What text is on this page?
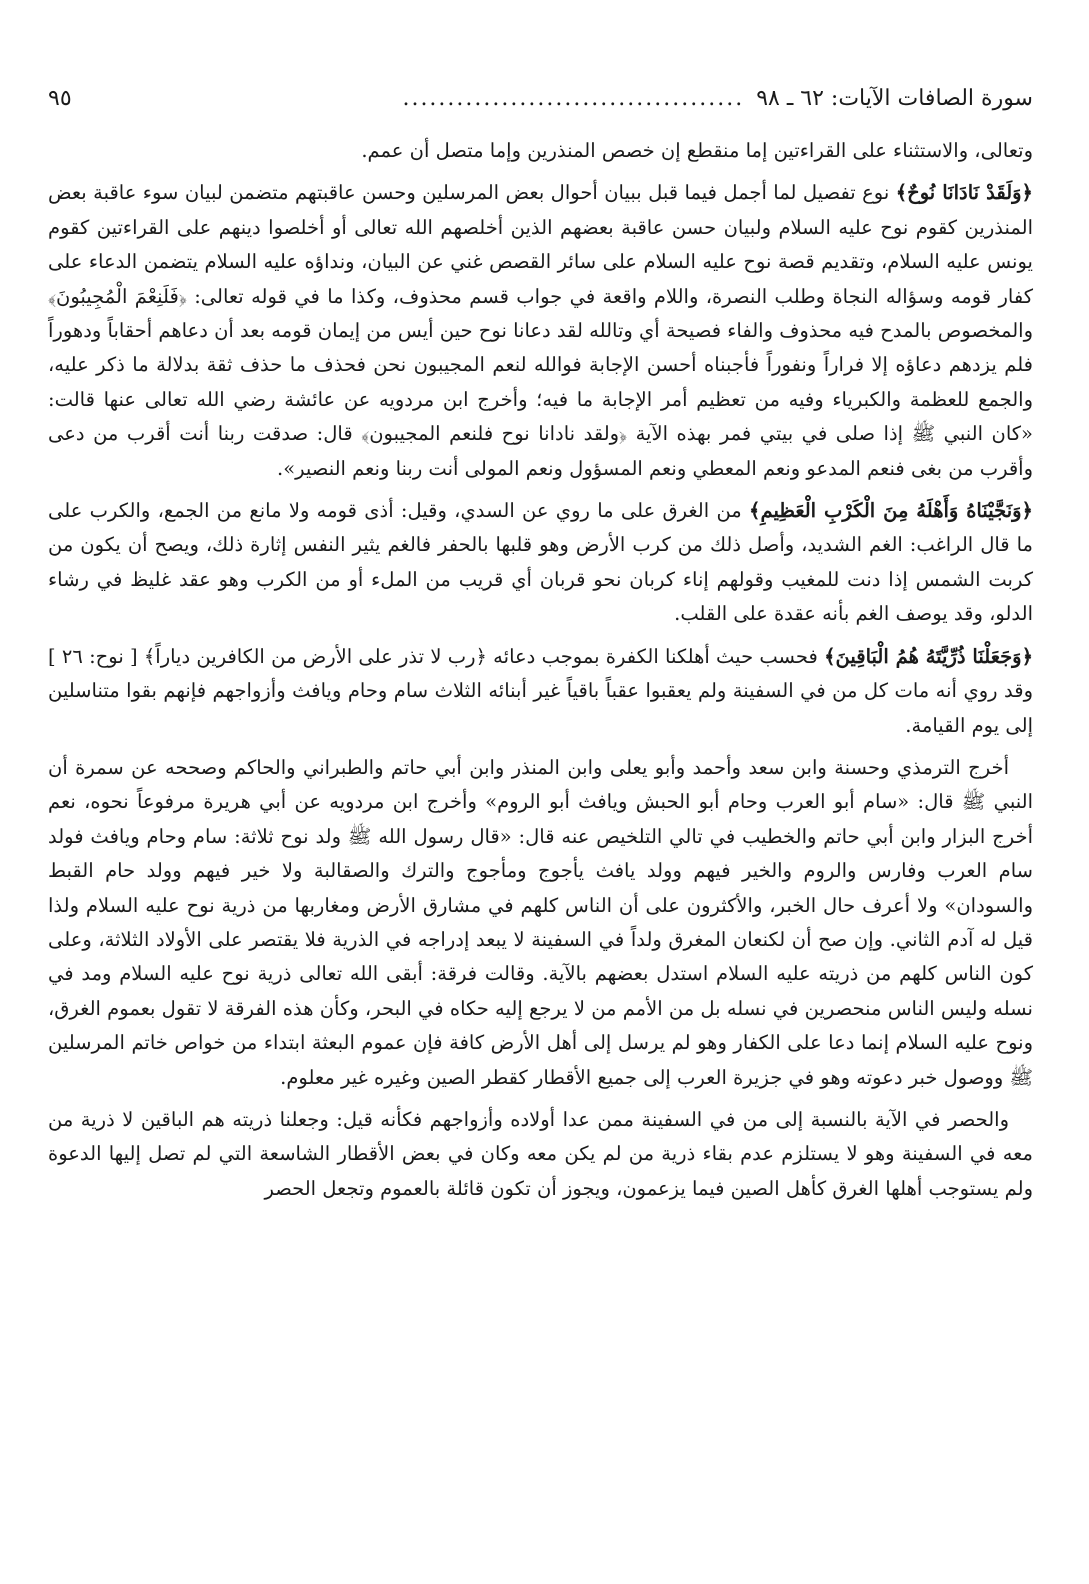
سورة الصافات الآيات: ٦٢ ـ ٩٨
......................................
٩٥

وتعالى، والاستثناء على القراءتين إما منقطع إن خصص المنذرين وإما متصل أن عمم.

﴿وَلَقَدْ نَادَانَا نُوحٌ﴾ نوع تفصيل لما أجمل فيما قبل ببيان أحوال بعض المرسلين وحسن عاقبتهم متضمن لبيان سوء عاقبة بعض المنذرين كقوم نوح عليه السلام ولبيان حسن عاقبة بعضهم الذين أخلصهم الله تعالى أو أخلصوا دينهم على القراءتين كقوم يونس عليه السلام، وتقديم قصة نوح عليه السلام على سائر القصص غني عن البيان، ونداؤه عليه السلام يتضمن الدعاء على كفار قومه وسؤاله النجاة وطلب النصرة، واللام واقعة في جواب قسم محذوف، وكذا ما في قوله تعالى: ﴿فَلَنِعْمَ الْمُجِيبُونَ﴾ والمخصوص بالمدح فيه محذوف والفاء فصيحة أي وتالله لقد دعانا نوح حين أيس من إيمان قومه بعد أن دعاهم أحقاباً ودهوراً فلم يزدهم دعاؤه إلا فراراً ونفوراً فأجبناه أحسن الإجابة فوالله لنعم المجيبون نحن فحذف ما حذف ثقة بدلالة ما ذكر عليه، والجمع للعظمة والكبرياء وفيه من تعظيم أمر الإجابة ما فيه؛ وأخرج ابن مردويه عن عائشة رضي الله تعالى عنها قالت: «كان النبي ﷺ إذا صلى في بيتي فمر بهذه الآية ﴿ولقد نادانا نوح فلنعم المجيبون﴾ قال: صدقت ربنا أنت أقرب من دعى وأقرب من بغى فنعم المدعو ونعم المعطي ونعم المسؤول ونعم المولى أنت ربنا ونعم النصير».

﴿وَنَجَّيْنَاهُ وَأَهْلَهُ مِنَ الْكَرْبِ الْعَظِيمِ﴾ من الغرق على ما روي عن السدي، وقيل: أذى قومه ولا مانع من الجمع، والكرب على ما قال الراغب: الغم الشديد، وأصل ذلك من كرب الأرض وهو قلبها بالحفر فالغم يثير النفس إثارة ذلك، ويصح أن يكون من كربت الشمس إذا دنت للمغيب وقولهم إناء كربان نحو قربان أي قريب من الملء أو من الكرب وهو عقد غليظ في رشاء الدلو، وقد يوصف الغم بأنه عقدة على القلب.

﴿وَجَعَلْنَا ذُرِّيَّتَهُ هُمُ الْبَاقِينَ﴾ فحسب حيث أهلكنا الكفرة بموجب دعائه ﴿رب لا تذر على الأرض من الكافرين دياراً﴾ [ نوح: ٢٦ ] وقد روي أنه مات كل من في السفينة ولم يعقبوا عقباً باقياً غير أبنائه الثلاث سام وحام ويافث وأزواجهم فإنهم بقوا متناسلين إلى يوم القيامة.

أخرج الترمذي وحسنة وابن سعد وأحمد وأبو يعلى وابن المنذر وابن أبي حاتم والطبراني والحاكم وصححه عن سمرة أن النبي ﷺ قال: «سام أبو العرب وحام أبو الحبش ويافث أبو الروم» وأخرج ابن مردويه عن أبي هريرة مرفوعاً نحوه، نعم أخرج البزار وابن أبي حاتم والخطيب في تالي التلخيص عنه قال: «قال رسول الله ﷺ ولد نوح ثلاثة: سام وحام ويافث فولد سام العرب وفارس والروم والخير فيهم وولد يافث يأجوج ومأجوج والترك والصقالبة ولا خير فيهم وولد حام القبط والسودان» ولا أعرف حال الخبر، والأكثرون على أن الناس كلهم في مشارق الأرض ومغاربها من ذرية نوح عليه السلام ولذا قيل له آدم الثاني. وإن صح أن لكنعان المغرق ولداً في السفينة لا يبعد إدراجه في الذرية فلا يقتصر على الأولاد الثلاثة، وعلى كون الناس كلهم من ذريته عليه السلام استدل بعضهم بالآية. وقالت فرقة: أبقى الله تعالى ذرية نوح عليه السلام ومد في نسله وليس الناس منحصرين في نسله بل من الأمم من لا يرجع إليه حكاه في البحر، وكأن هذه الفرقة لا تقول بعموم الغرق، ونوح عليه السلام إنما دعا على الكفار وهو لم يرسل إلى أهل الأرض كافة فإن عموم البعثة ابتداء من خواص خاتم المرسلين ﷺ ووصول خبر دعوته وهو في جزيرة العرب إلى جميع الأقطار كقطر الصين وغيره غير معلوم.

والحصر في الآية بالنسبة إلى من في السفينة ممن عدا أولاده وأزواجهم فكأنه قيل: وجعلنا ذريته هم الباقين لا ذرية من معه في السفينة وهو لا يستلزم عدم بقاء ذرية من لم يكن معه وكان في بعض الأقطار الشاسعة التي لم تصل إليها الدعوة ولم يستوجب أهلها الغرق كأهل الصين فيما يزعمون، ويجوز أن تكون قائلة بالعموم وتجعل الحصر
